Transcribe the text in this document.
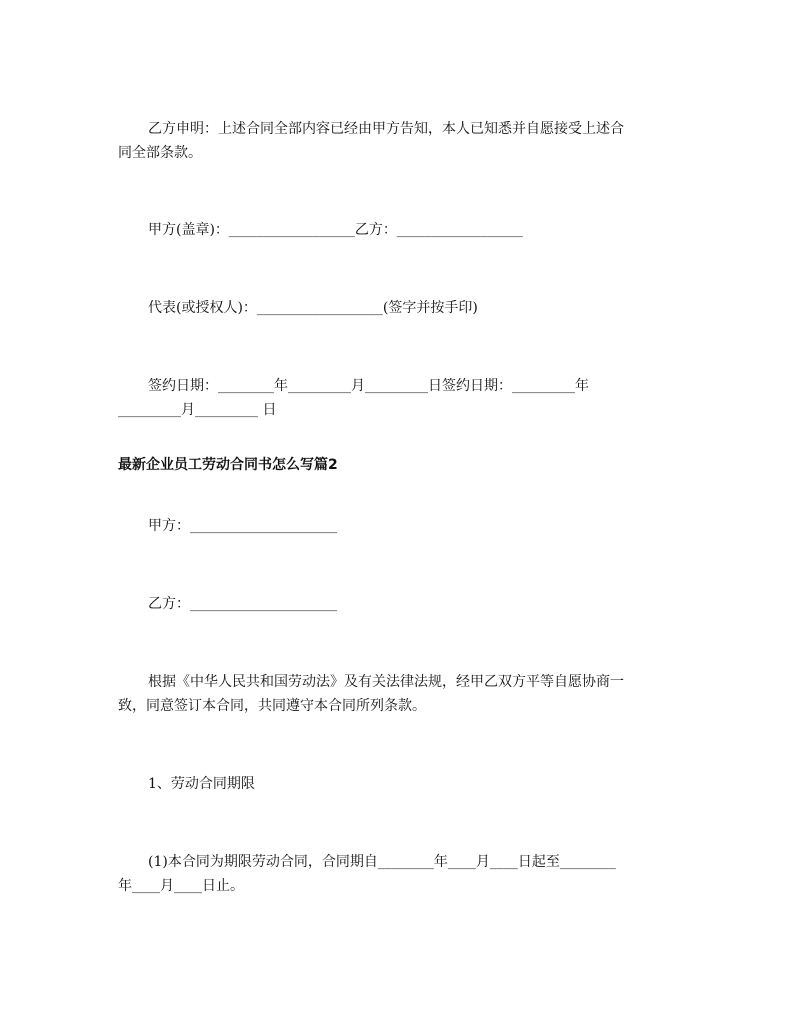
乙方申明：上述合同全部内容已经由甲方告知，本人已知悉并自愿接受上述合
同全部条款。
甲方(盖章)：__________________乙方：__________________
代表(或授权人)：__________________(签字并按手印)
签约日期：________年_________月_________日签约日期：_________年
_________月_________ 日
最新企业员工劳动合同书怎么写篇2
甲方：_____________________
乙方：_____________________
根据《中华人民共和国劳动法》及有关法律法规，经甲乙双方平等自愿协商一
致，同意签订本合同，共同遵守本合同所列条款。
1、劳动合同期限
(1)本合同为期限劳动合同，合同期自________年____月____日起至________
年____月____日止。
